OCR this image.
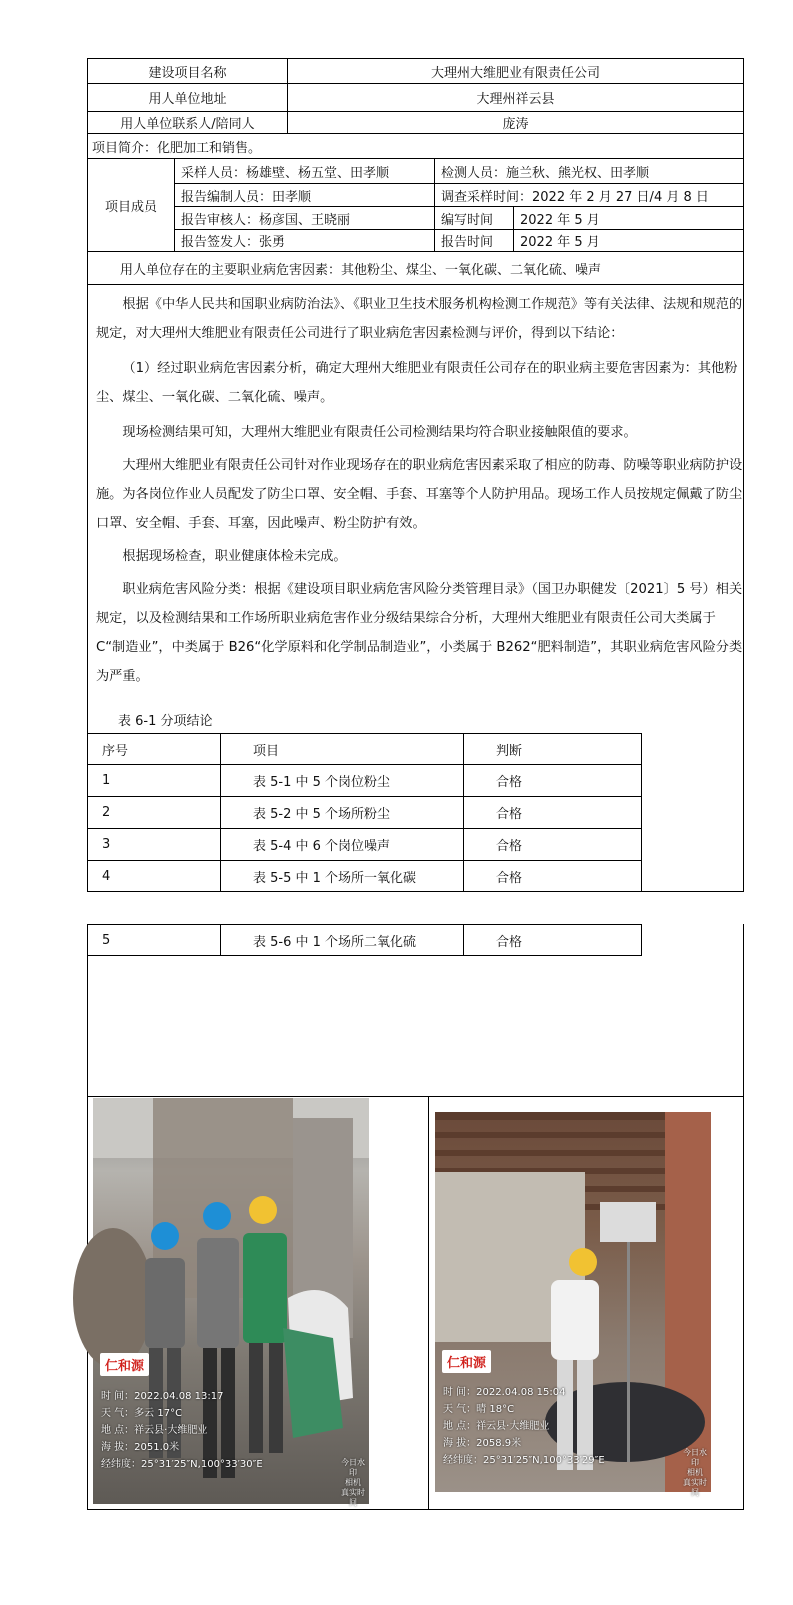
建设项目名称	大理州大维肥业有限责任公司
用人单位地址	大理州祥云县
用人单位联系人/陪同人	庞涛
项目简介：化肥加工和销售。
项目成员
采样人员：杨雄壁、杨五堂、田孝顺	检测人员：施兰秋、熊光权、田孝顺
报告编制人员：田孝顺	调查采样时间：2022 年 2 月 27 日/4 月 8 日
报告审核人：杨彦国、王晓丽	编写时间	2022 年 5 月
报告签发人：张勇	报告时间	2022 年 5 月
用人单位存在的主要职业病危害因素：其他粉尘、煤尘、一氧化碳、二氧化硫、噪声

根据《中华人民共和国职业病防治法》、《职业卫生技术服务机构检测工作规范》等有关法律、法规和规范的规定，对大理州大维肥业有限责任公司进行了职业病危害因素检测与评价，得到以下结论：

（1）经过职业病危害因素分析，确定大理州大维肥业有限责任公司存在的职业病主要危害因素为：其他粉尘、煤尘、一氧化碳、二氧化硫、噪声。

现场检测结果可知，大理州大维肥业有限责任公司检测结果均符合职业接触限值的要求。

大理州大维肥业有限责任公司针对作业现场存在的职业病危害因素采取了相应的防毒、防噪等职业病防护设施。为各岗位作业人员配发了防尘口罩、安全帽、手套、耳塞等个人防护用品。现场工作人员按规定佩戴了防尘口罩、安全帽、手套、耳塞，因此噪声、粉尘防护有效。

根据现场检查，职业健康体检未完成。

职业病危害风险分类：根据《建设项目职业病危害风险分类管理目录》（国卫办职健发〔2021〕5 号）相关规定，以及检测结果和工作场所职业病危害作业分级结果综合分析，大理州大维肥业有限责任公司大类属于 C“制造业”，中类属于 B26“化学原料和化学制品制造业”，小类属于 B262“肥料制造”，其职业病危害风险分类为严重。

表 6-1 分项结论
序号	项目	判断
1	表 5-1 中 5 个岗位粉尘	合格
2	表 5-2 中 5 个场所粉尘	合格
3	表 5-4 中 6 个岗位噪声	合格
4	表 5-5 中 1 个场所一氧化碳	合格
5	表 5-6 中 1 个场所二氧化硫	合格
仁和源
时 间：2022.04.08 13:17
天 气：多云 17°C
地 点：祥云县·大维肥业
海 拔：2051.0米
经纬度：25°31′25″N,100°33′30″E	今日水印
相机
真实时间
仁和源
时 间：2022.04.08 15:04
天 气：晴 18°C
地 点：祥云县·大维肥业
海 拔：2058.9米
经纬度：25°31′25″N,100°33′29″E
今日水印
相机
真实时间
